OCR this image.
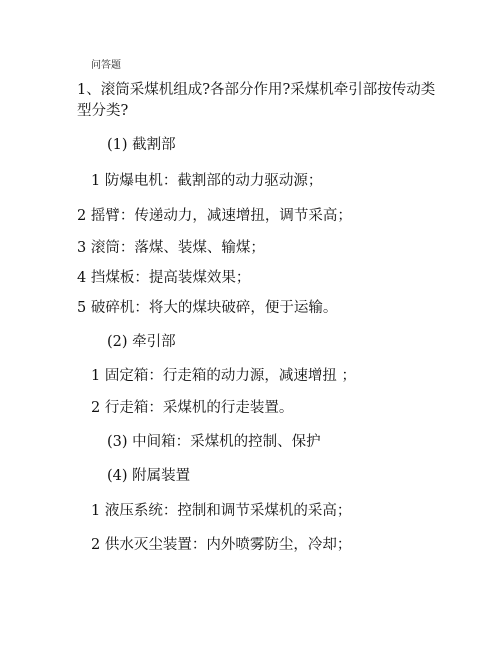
问答题
1、滚筒采煤机组成?各部分作用?采煤机牵引部按传动类
型分类?
(1) 截割部
1 防爆电机：截割部的动力驱动源；
2 摇臂：传递动力，减速增扭，调节采高；
3 滚筒：落煤、装煤、输煤；
4 挡煤板：提高装煤效果；
5 破碎机：将大的煤块破碎，便于运输。
(2) 牵引部
1 固定箱：行走箱的动力源，减速增扭 ；
2 行走箱：采煤机的行走装置。
(3) 中间箱：采煤机的控制、保护
(4) 附属装置
1 液压系统：控制和调节采煤机的采高；
2 供水灭尘装置：内外喷雾防尘，冷却；
